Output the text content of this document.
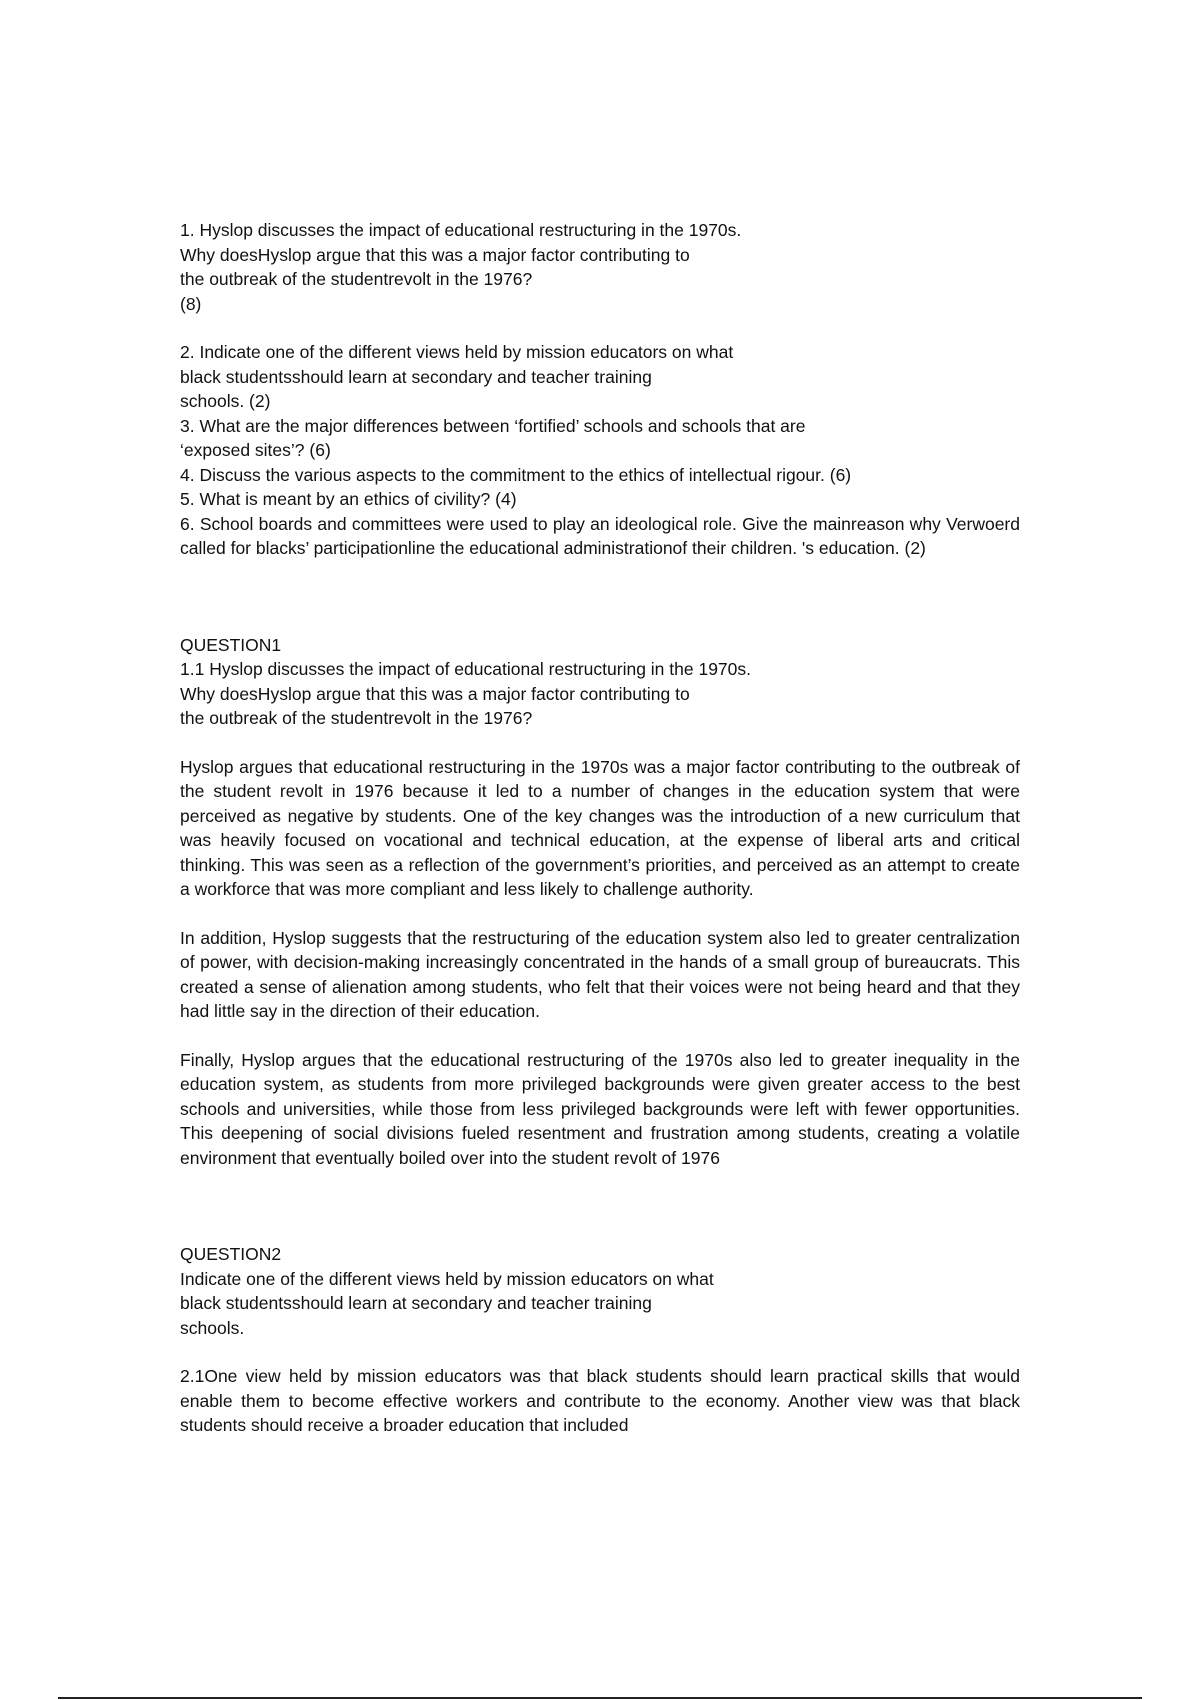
1. Hyslop discusses the impact of educational restructuring in the 1970s.
Why doesHyslop argue that this was a major factor contributing to
the outbreak of the studentrevolt in the 1976?
(8)
2. Indicate one of the different views held by mission educators on what
black studentsshould learn at secondary and teacher training
schools. (2)
3. What are the major differences between ‘fortified’ schools and schools that are
‘exposed sites’? (6)
4. Discuss the various aspects to the commitment to the ethics of intellectual rigour. (6)
5. What is meant by an ethics of civility? (4)

6. School boards and committees were used to play an ideological role. Give the mainreason why Verwoerd called for blacks’ participationline the educational administrationof their children. 's education. (2)

QUESTION1
1.1 Hyslop discusses the impact of educational restructuring in the 1970s.
Why doesHyslop argue that this was a major factor contributing to
the outbreak of the studentrevolt in the 1976?

Hyslop argues that educational restructuring in the 1970s was a major factor contributing to the outbreak of the student revolt in 1976 because it led to a number of changes in the education system that were perceived as negative by students. One of the key changes was the introduction of a new curriculum that was heavily focused on vocational and technical education, at the expense of liberal arts and critical thinking. This was seen as a reflection of the government’s priorities, and perceived as an attempt to create a workforce that was more compliant and less likely to challenge authority.

In addition, Hyslop suggests that the restructuring of the education system also led to greater centralization of power, with decision-making increasingly concentrated in the hands of a small group of bureaucrats. This created a sense of alienation among students, who felt that their voices were not being heard and that they had little say in the direction of their education.

Finally, Hyslop argues that the educational restructuring of the 1970s also led to greater inequality in the education system, as students from more privileged backgrounds were given greater access to the best schools and universities, while those from less privileged backgrounds were left with fewer opportunities. This deepening of social divisions fueled resentment and frustration among students, creating a volatile environment that eventually boiled over into the student revolt of 1976

QUESTION2
Indicate one of the different views held by mission educators on what
black studentsshould learn at secondary and teacher training
schools.

2.1One view held by mission educators was that black students should learn practical skills that would enable them to become effective workers and contribute to the economy. Another view was that black students should receive a broader education that included
